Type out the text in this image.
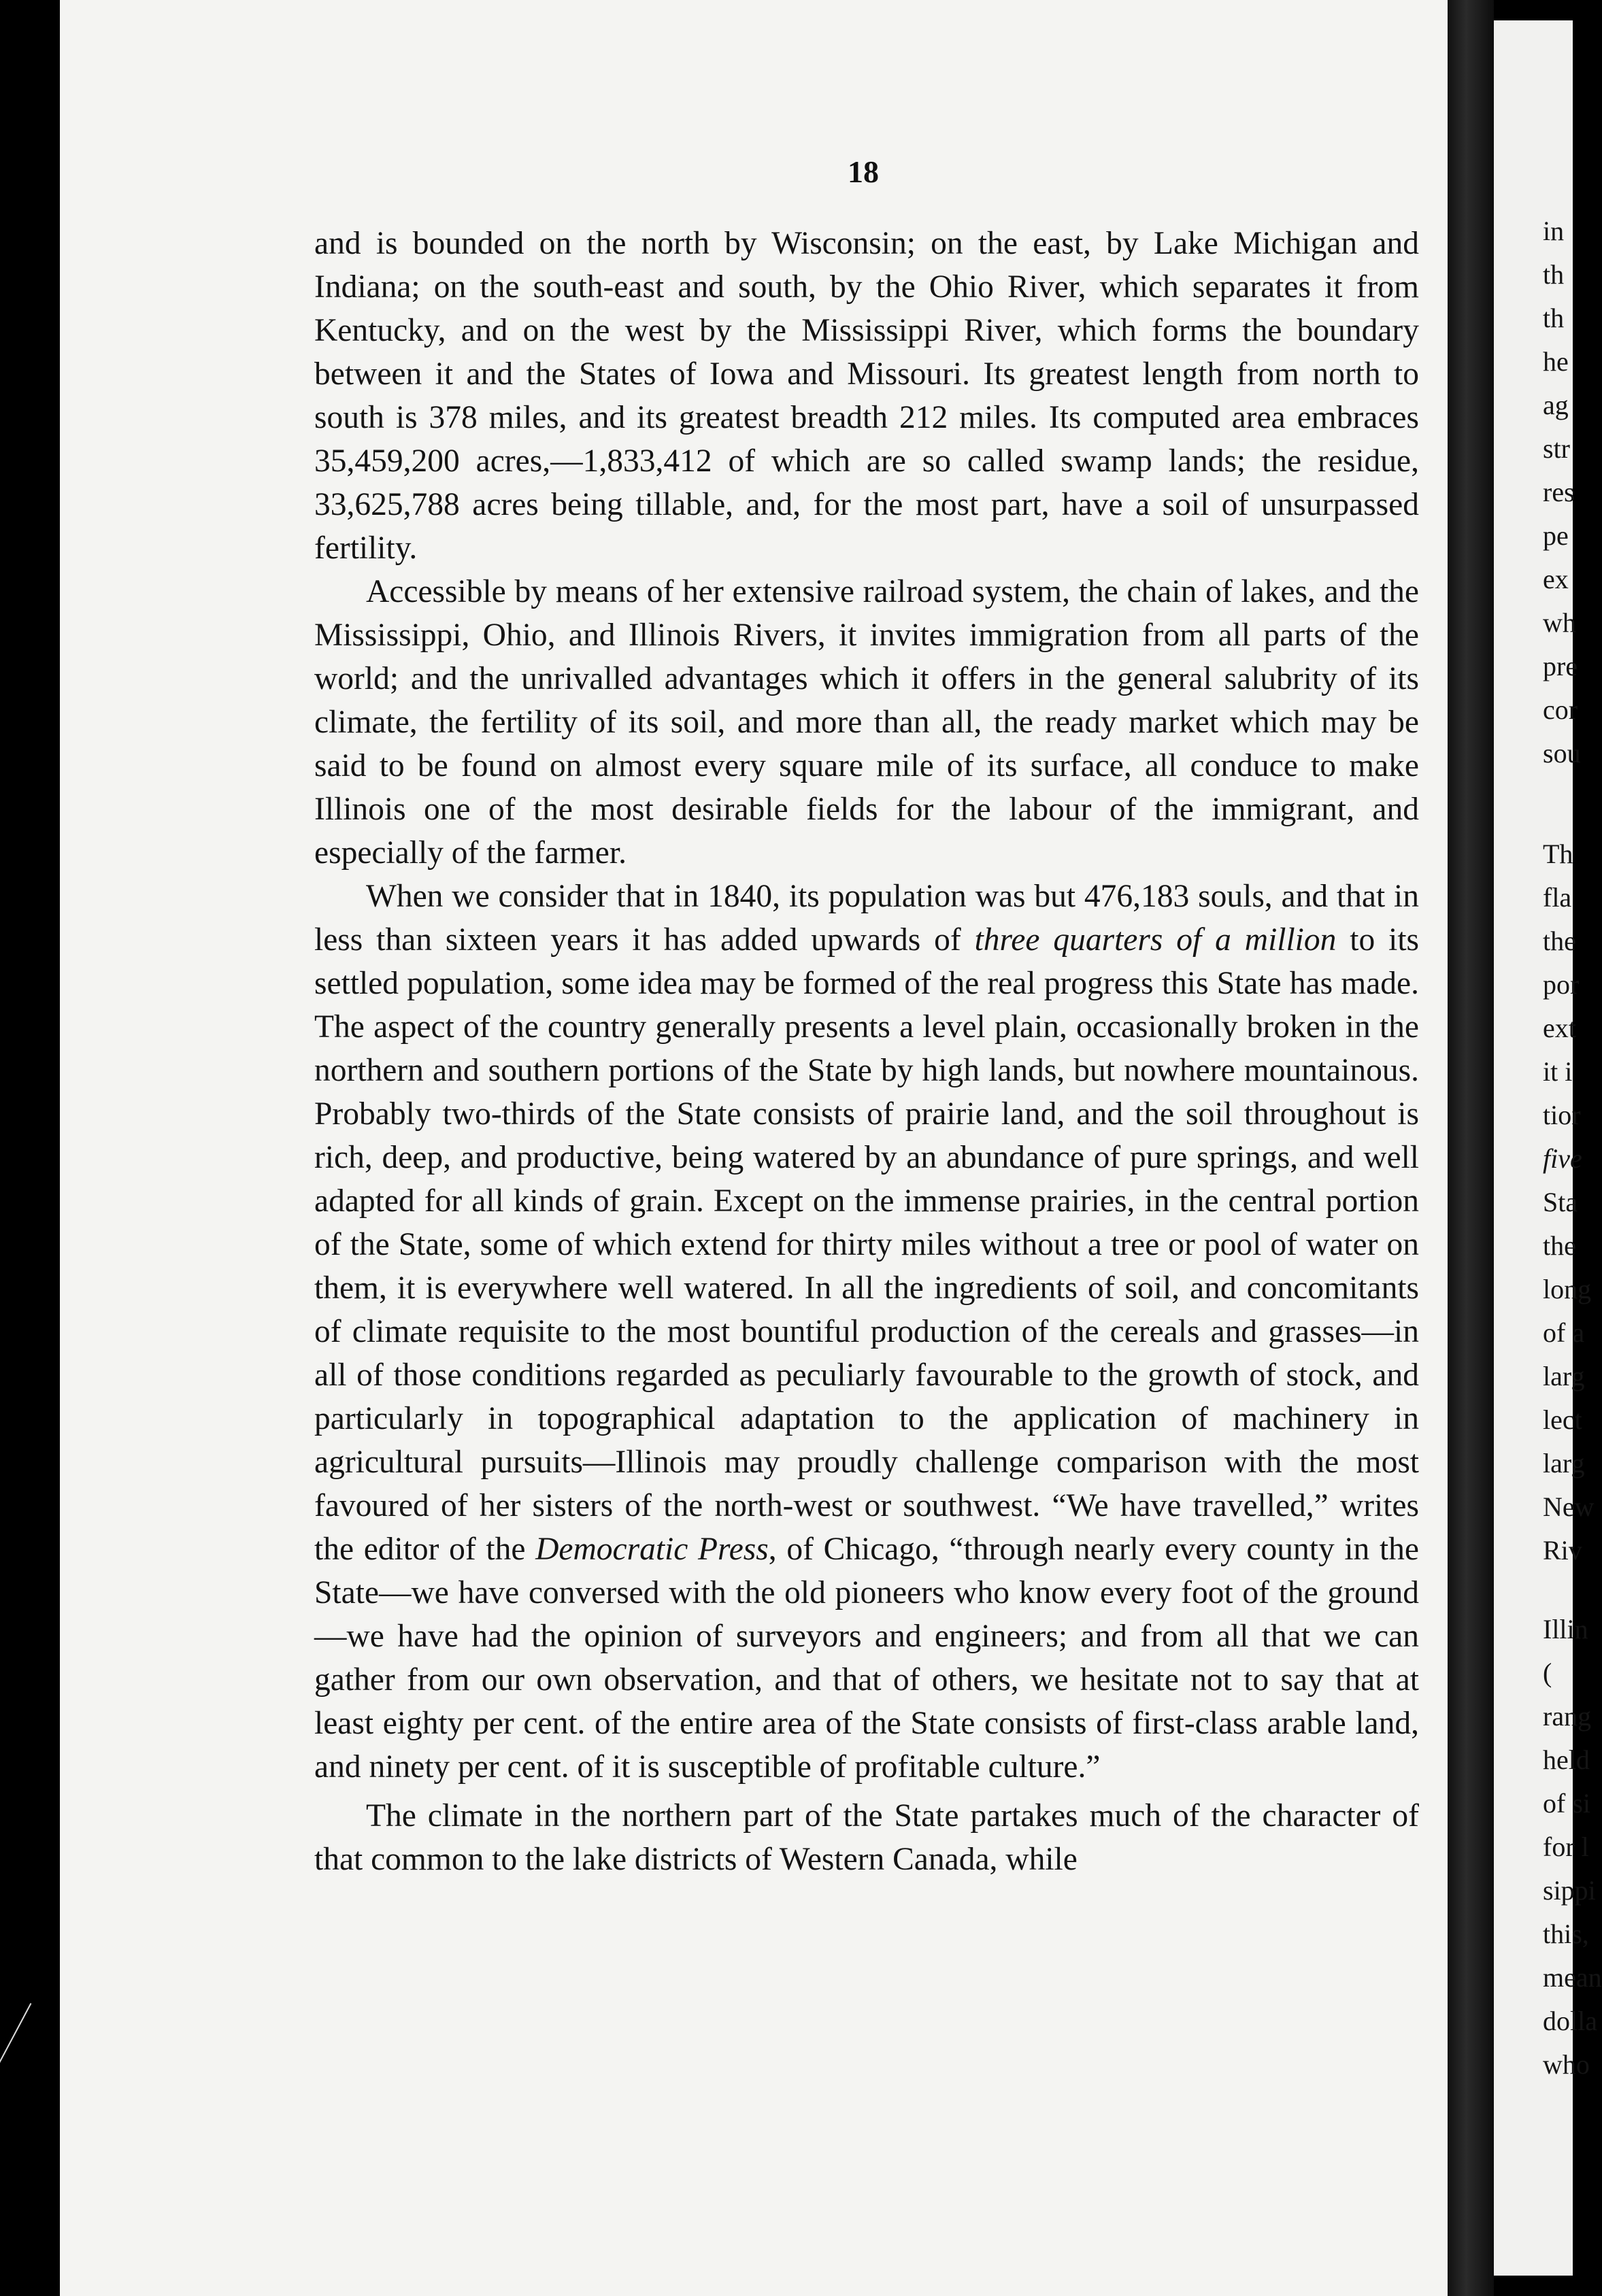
18

and is bounded on the north by Wisconsin; on the east, by Lake Michigan and Indiana; on the south-east and south, by the Ohio River, which separates it from Kentucky, and on the west by the Mississippi River, which forms the boundary between it and the States of Iowa and Missouri. Its greatest length from north to south is 378 miles, and its greatest breadth 212 miles. Its computed area embraces 35,459,200 acres,—1,833,412 of which are so called swamp lands; the residue, 33,625,788 acres being tillable, and, for the most part, have a soil of unsurpassed fertility.

Accessible by means of her extensive railroad system, the chain of lakes, and the Mississippi, Ohio, and Illinois Rivers, it invites immigration from all parts of the world; and the unrivalled advantages which it offers in the general salubrity of its climate, the fertility of its soil, and more than all, the ready market which may be said to be found on almost every square mile of its surface, all conduce to make Illinois one of the most desirable fields for the labour of the immigrant, and especially of the farmer.

When we consider that in 1840, its population was but 476,183 souls, and that in less than sixteen years it has added upwards of three quarters of a million to its settled population, some idea may be formed of the real progress this State has made. The aspect of the country generally presents a level plain, occasionally broken in the northern and southern portions of the State by high lands, but nowhere mountainous. Probably two-thirds of the State consists of prairie land, and the soil throughout is rich, deep, and productive, being watered by an abundance of pure springs, and well adapted for all kinds of grain. Except on the immense prairies, in the central portion of the State, some of which extend for thirty miles without a tree or pool of water on them, it is everywhere well watered. In all the ingredients of soil, and concomitants of climate requisite to the most bountiful production of the cereals and grasses—in all of those conditions regarded as peculiarly favourable to the growth of stock, and particularly in topographical adaptation to the application of machinery in agricultural pursuits—Illinois may proudly challenge comparison with the most favoured of her sisters of the north-west or southwest. “We have travelled,” writes the editor of the Democratic Press, of Chicago, “through nearly every county in the State—we have conversed with the old pioneers who know every foot of the ground—we have had the opinion of surveyors and engineers; and from all that we can gather from our own observation, and that of others, we hesitate not to say that at least eighty per cent. of the entire area of the State consists of first-class arable land, and ninety per cent. of it is susceptible of profitable culture.”

The climate in the northern part of the State partakes much of the character of that common to the lake districts of Western Canada, while

in
th
th
he
ag
str
res
pe
ex
wh
pre
cor
sou
Th
fla
the
por
ext
it i
tior
five
Sta
the
long
of a
larg
lect
larg
New
Riv
Illin
(
rang
held
of si
for l
sippi
this,
mean
dolla
who
